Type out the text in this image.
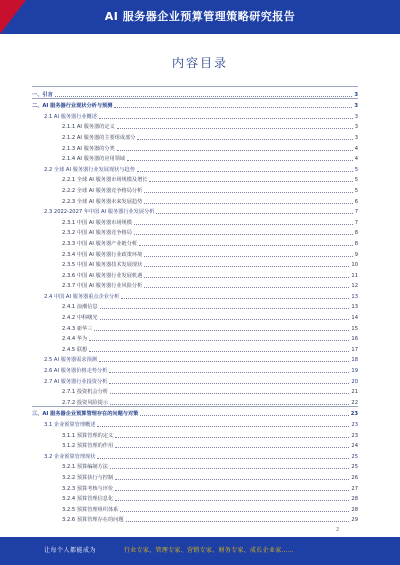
AI 服务器企业预算管理策略研究报告
内容目录
一、引言	3
二、AI 服务器行业现状分析与预测	3
2.1 AI 服务器行业概述	3
2.1.1 AI 服务器的定义	3
2.1.2 AI 服务器的主要组成部分	3
2.1.3 AI 服务器的分类	4
2.1.4 AI 服务器的应用领域	4
2.2 全球 AI 服务器行业发展现状与趋势	5
2.2.1 全球 AI 服务器市场规模及增长	5
2.2.2 全球 AI 服务器竞争格局分析	5
2.2.3 全球 AI 服务器未来发展趋势	6
2.3 2022-2027 年中国 AI 服务器行业发展分析	7
2.3.1 中国 AI 服务器市场规模	7
2.3.2 中国 AI 服务器竞争格局	8
2.3.3 中国 AI 服务器产业链分析	8
2.3.4 中国 AI 服务器行业政策环境	9
2.3.5 中国 AI 服务器技术发展现状	10
2.3.6 中国 AI 服务器行业发展机遇	11
2.3.7 中国 AI 服务器行业风险分析	12
2.4 中国 AI 服务器重点企业分析	13
2.4.1 浪潮信息	13
2.4.2 中科曙光	14
2.4.3 新华三	15
2.4.4 华为	16
2.4.5 联想	17
2.5 AI 服务器需求预测	18
2.6 AI 服务器价格走势分析	19
2.7 AI 服务器行业投资分析	20
2.7.1 投资机会分析	21
2.7.2 投资风险提示	22
三、AI 服务器企业预算管理存在的问题与对策	23
3.1 企业预算管理概述	23
3.1.1 预算管理的定义	23
3.1.2 预算管理的作用	24
3.2 企业预算管理现状	25
3.2.1 预算编制方法	25
3.2.2 预算执行与控制	26
3.2.3 预算考核与评价	27
3.2.4 预算管理信息化	28
3.2.5 预算管理组织体系	28
3.2.6 预算管理存在的问题	29
2
让每个人都能成为	行业专家、管理专家、营销专家、财务专家、成长企业家……
